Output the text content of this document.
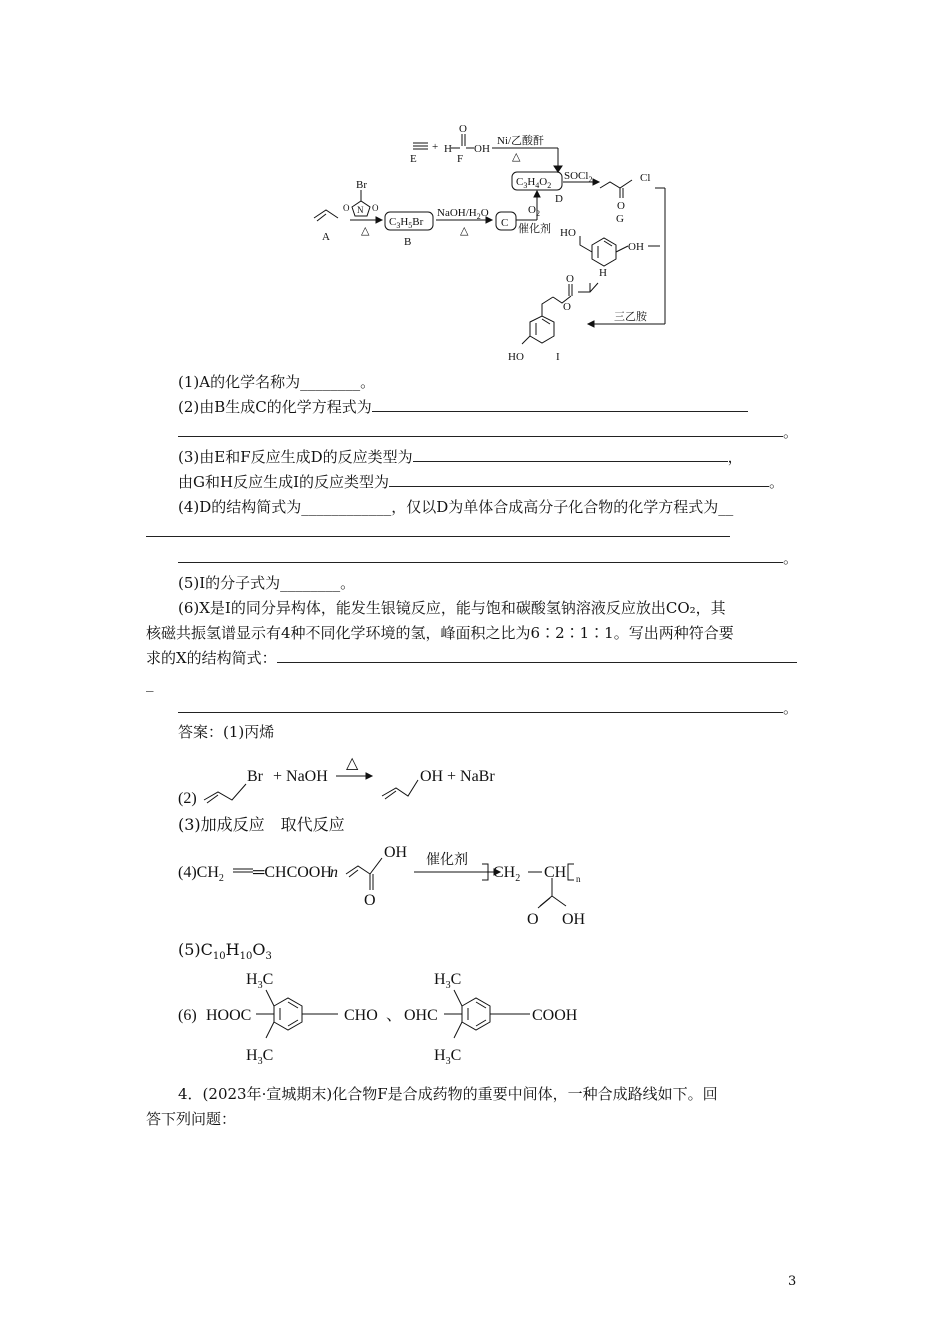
E
+ H
O
OH
F
Ni/乙酸酐
△
$C_3H_4O_2$
D
SOCl$_2$	Cl
O
G
Br
O	O
N
△
A
$C_3H_5Br$
B
NaOH/$H_2O$
△
C
$O_2$
催化剂 HO
OH
H
O
O
三乙胺
HO	I
(1)A的化学名称为________。
(2)由B生成C的化学方程式为
。
(3)由E和F反应生成D的反应类型为	，
由G和H反应生成I的反应类型为	。
(4)D的结构简式为____________，仅以D为单体合成高分子化合物的化学方程式为__
。
(5)I的分子式为________。
(6)X是I的同分异构体，能发生银镜反应，能与饱和碳酸氢钠溶液反应放出CO₂，其
核磁共振氢谱显示有4种不同化学环境的氢，峰面积之比为6∶2∶1∶1。写出两种符合要
求的X的结构简式：
_
。
答案：(1)丙烯
(2)
Br + NaOH
△
OH + NaBr
(3)加成反应　取代反应
$(4)CH_2$ ═CHCOOH
n
OH
O
催化剂
$CH_2$ CH n
O OH
$(5)C_{10}H_{10}O_3$
(6) HOOC	CHO 、 OHC	COOH
$H_3C$
$H_3C$
$H_3C$
$H_3C$
4．(2023年·宣城期末)化合物F是合成药物的重要中间体，一种合成路线如下。回
答下列问题：
3
